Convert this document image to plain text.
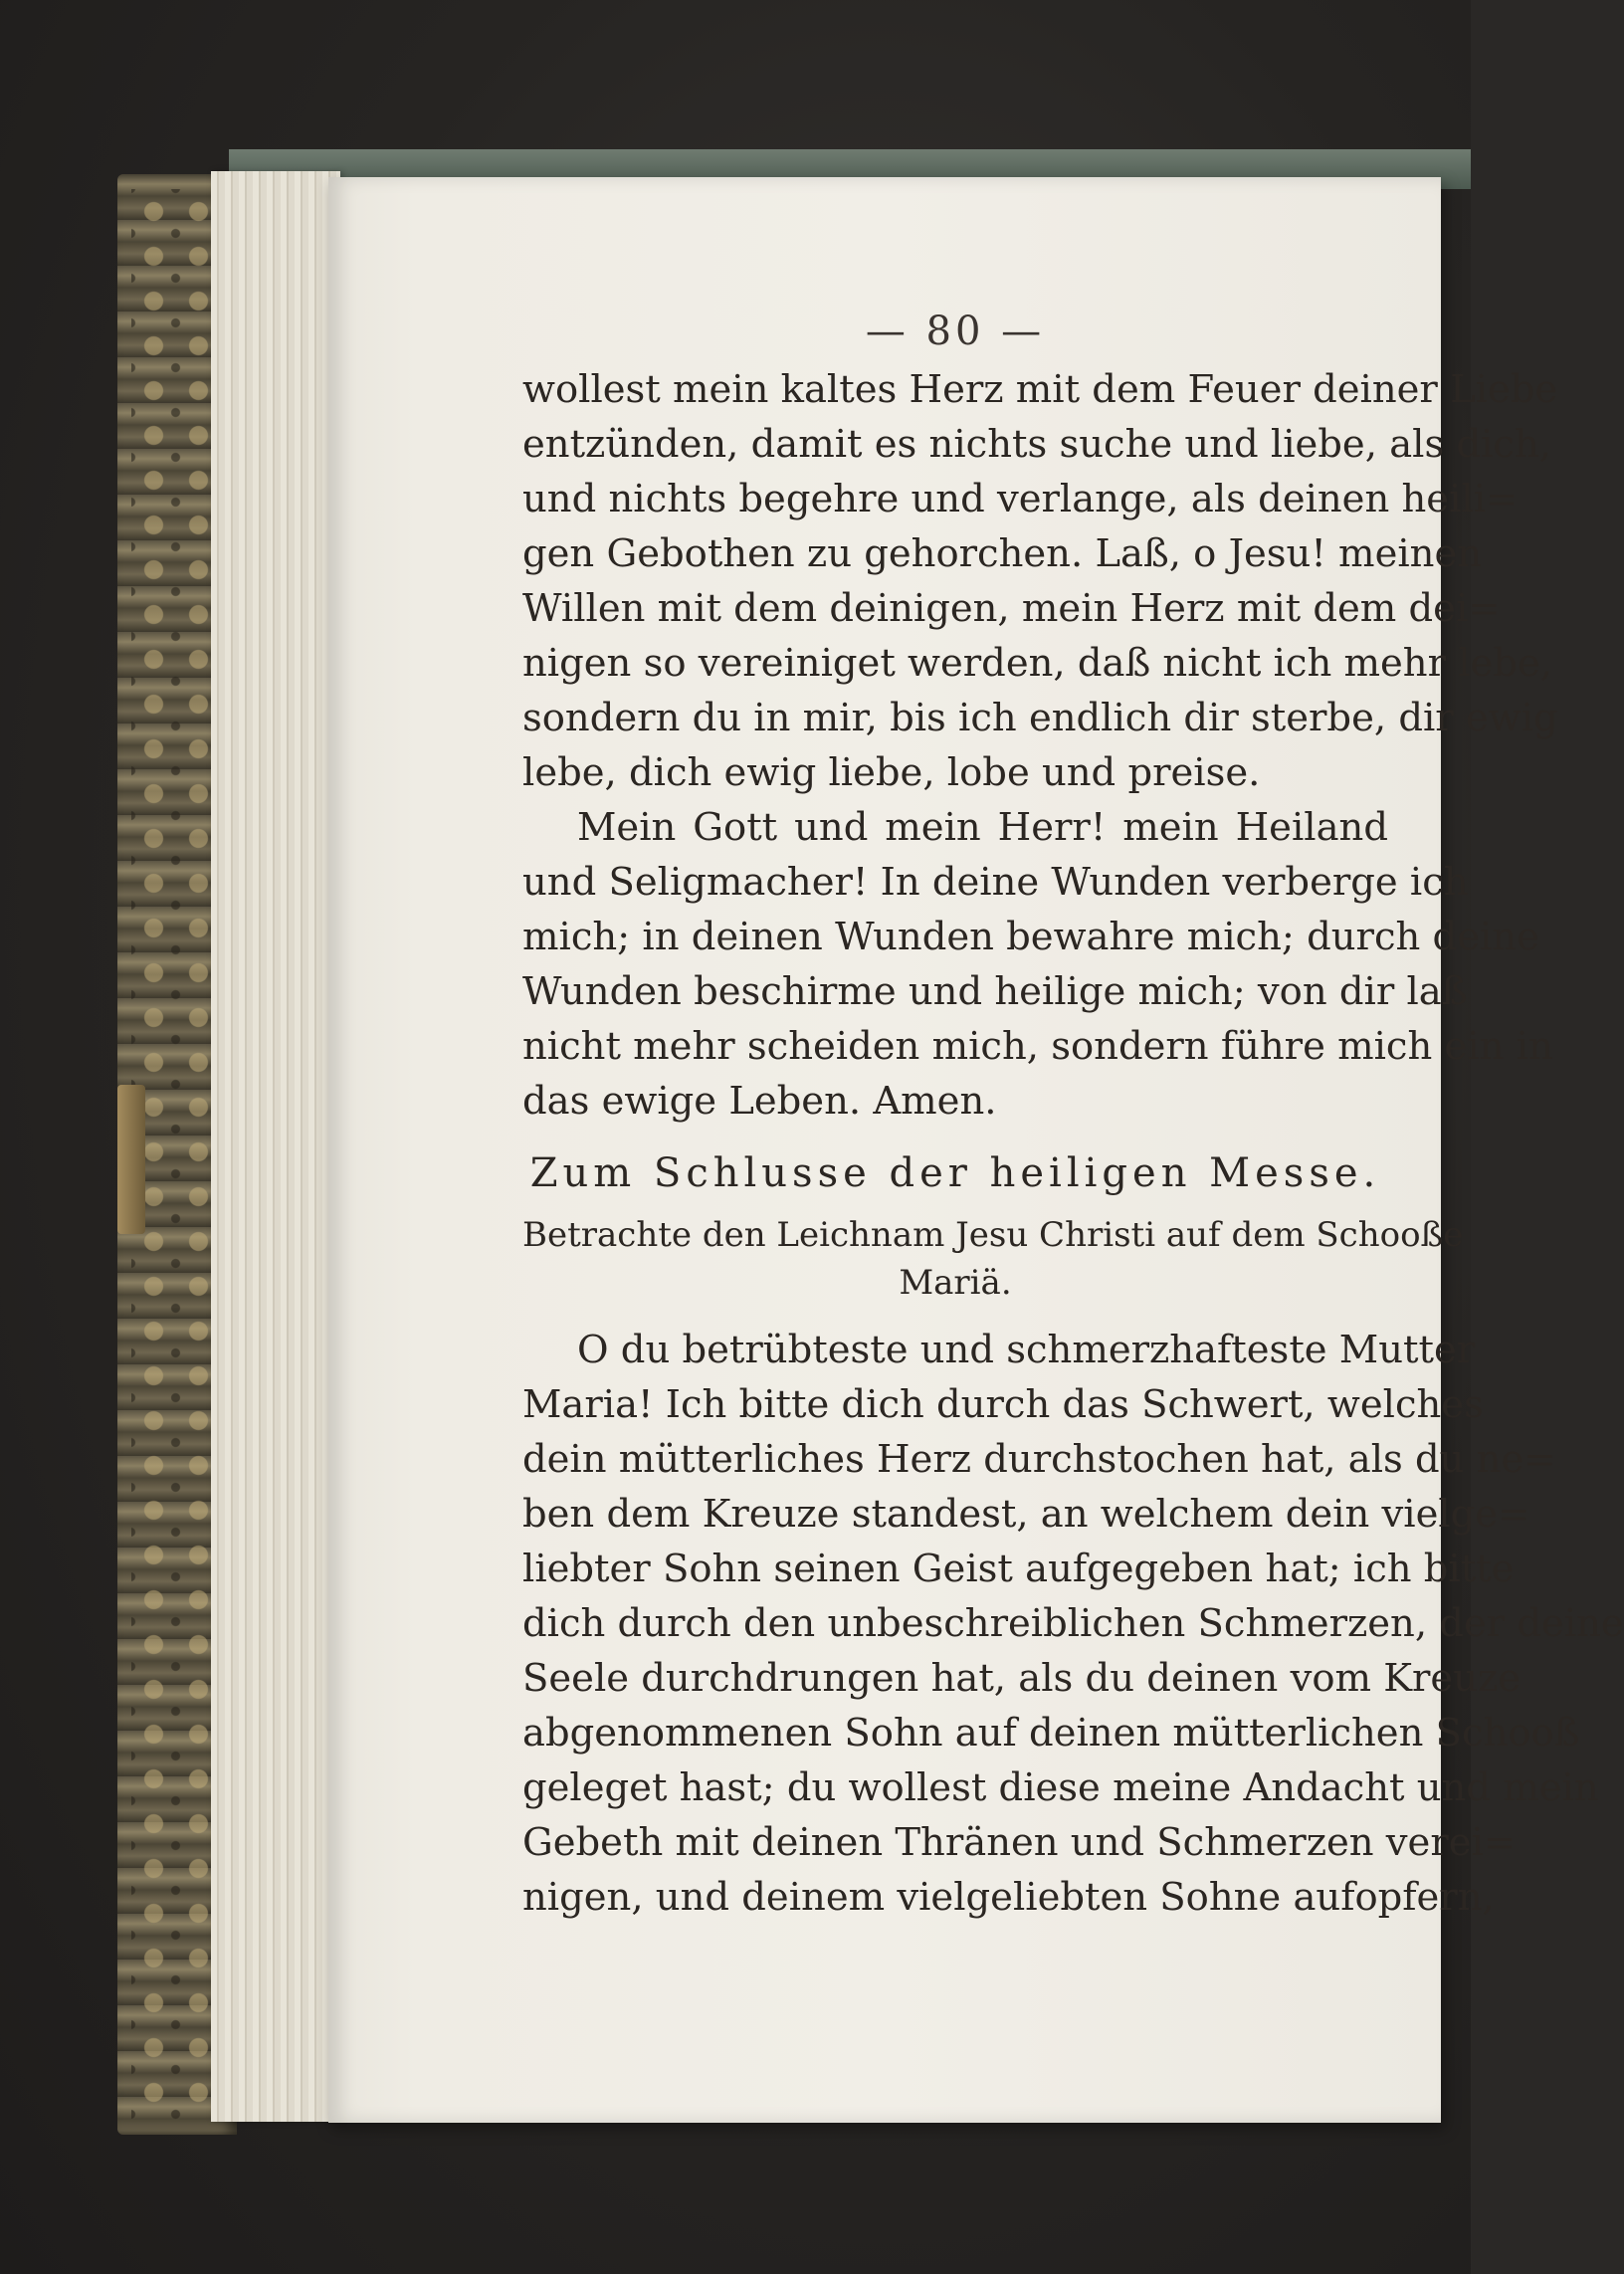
— 80 —
wollest mein kaltes Herz mit dem Feuer deiner Liebe
entzünden, damit es nichts suche und liebe, als dich,
und nichts begehre und verlange, als deinen heili=
gen Gebothen zu gehorchen. Laß, o Jesu! meinen
Willen mit dem deinigen, mein Herz mit dem dei=
nigen so vereiniget werden, daß nicht ich mehr lebe,
sondern du in mir, bis ich endlich dir sterbe, dir ewig
lebe, dich ewig liebe, lobe und preise.
Mein Gott und mein Herr! mein Heiland
und Seligmacher! In deine Wunden verberge ich
mich; in deinen Wunden bewahre mich; durch deine
Wunden beschirme und heilige mich; von dir laß
nicht mehr scheiden mich, sondern führe mich ein in
das ewige Leben. Amen.
Zum Schlusse der heiligen Messe.
Betrachte den Leichnam Jesu Christi auf dem Schooße
Mariä.
O du betrübteste und schmerzhafteste Mutter
Maria! Ich bitte dich durch das Schwert, welches
dein mütterliches Herz durchstochen hat, als du ne=
ben dem Kreuze standest, an welchem dein vielge=
liebter Sohn seinen Geist aufgegeben hat; ich bitte
dich durch den unbeschreiblichen Schmerzen, der deine
Seele durchdrungen hat, als du deinen vom Kreuze
abgenommenen Sohn auf deinen mütterlichen Schooß
geleget hast; du wollest diese meine Andacht und mein
Gebeth mit deinen Thränen und Schmerzen verei=
nigen, und deinem vielgeliebten Sohne aufopfern,
